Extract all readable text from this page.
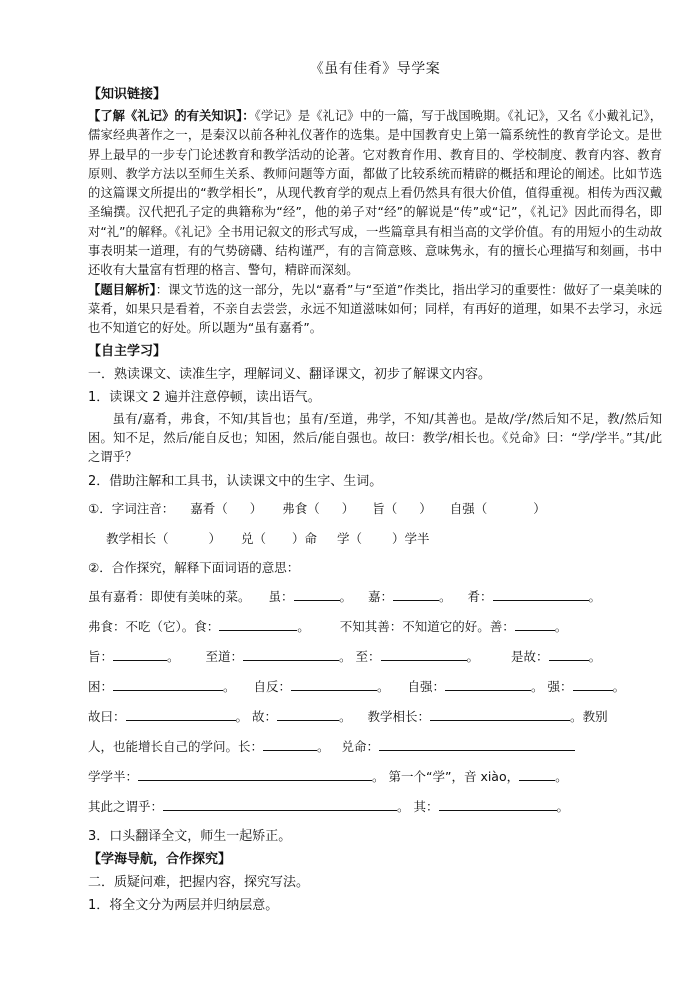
《虽有佳肴》导学案
【知识链接】

【了解《礼记》的有关知识】：《学记》是《礼记》中的一篇，写于战国晚期。《礼记》，又名《小戴礼记》，儒家经典著作之一，是秦汉以前各种礼仪著作的选集。是中国教育史上第一篇系统性的教育学论文。是世界上最早的一步专门论述教育和教学活动的论著。它对教育作用、教育目的、学校制度、教育内容、教育原则、教学方法以至师生关系、教师问题等方面，都做了比较系统而精辟的概括和理论的阐述。比如节选的这篇课文所提出的“教学相长”，从现代教育学的观点上看仍然具有很大价值，值得重视。相传为西汉戴圣编撰。汉代把孔子定的典籍称为“经”，他的弟子对“经”的解说是“传”或“记”，《礼记》因此而得名，即对“礼”的解释。《礼记》全书用记叙文的形式写成，一些篇章具有相当高的文学价值。有的用短小的生动故事表明某一道理，有的气势磅礴、结构谨严，有的言简意赅、意味隽永，有的擅长心理描写和刻画，书中还收有大量富有哲理的格言、警句，精辟而深刻。

【题目解析】：课文节选的这一部分，先以“嘉肴”与“至道”作类比，指出学习的重要性：做好了一桌美味的菜肴，如果只是看着，不亲自去尝尝，永远不知道滋味如何；同样，有再好的道理，如果不去学习，永远也不知道它的好处。所以题为“虽有嘉肴”。

【自主学习】
一．熟读课文、读准生字，理解词义、翻译课文，初步了解课文内容。
1．读课文 2 遍并注意停顿，读出语气。

虽有/嘉肴，弗食，不知/其旨也；虽有/至道，弗学，不知/其善也。是故/学/然后知不足，教/然后知困。知不足，然后/能自反也；知困，然后/能自强也。故曰：教学/相长也。《兑命》曰：“学/学半。”其/此之谓乎？

2．借助注解和工具书，认读课文中的生字、生词。
①．字词注音： 嘉肴（ ） 弗食（ ） 旨（ ） 自强（	）
教学相长（	） 兑（ ）命 学（ ）学半
②．合作探究，解释下面词语的意思：
虽有嘉肴：即使有美味的菜。 虽：	。 嘉：	。 肴：	。
弗食：不吃（它）。食：	。 不知其善：不知道它的好。善：	。
旨：	。 至道：	。 至：	。	是故：	。
困：	。 自反：	。 自强：	。 强：	。
故曰：	。 故：	。 教学相长：	。教别
人，也能增长自己的学问。长：	。 兑命：
学学半：	。 第一个“学”，音 xiào，	。
其此之谓乎：	。 其：	。
3．口头翻译全文，师生一起矫正。
【学海导航，合作探究】
二．质疑问难，把握内容，探究写法。
1．将全文分为两层并归纳层意。
